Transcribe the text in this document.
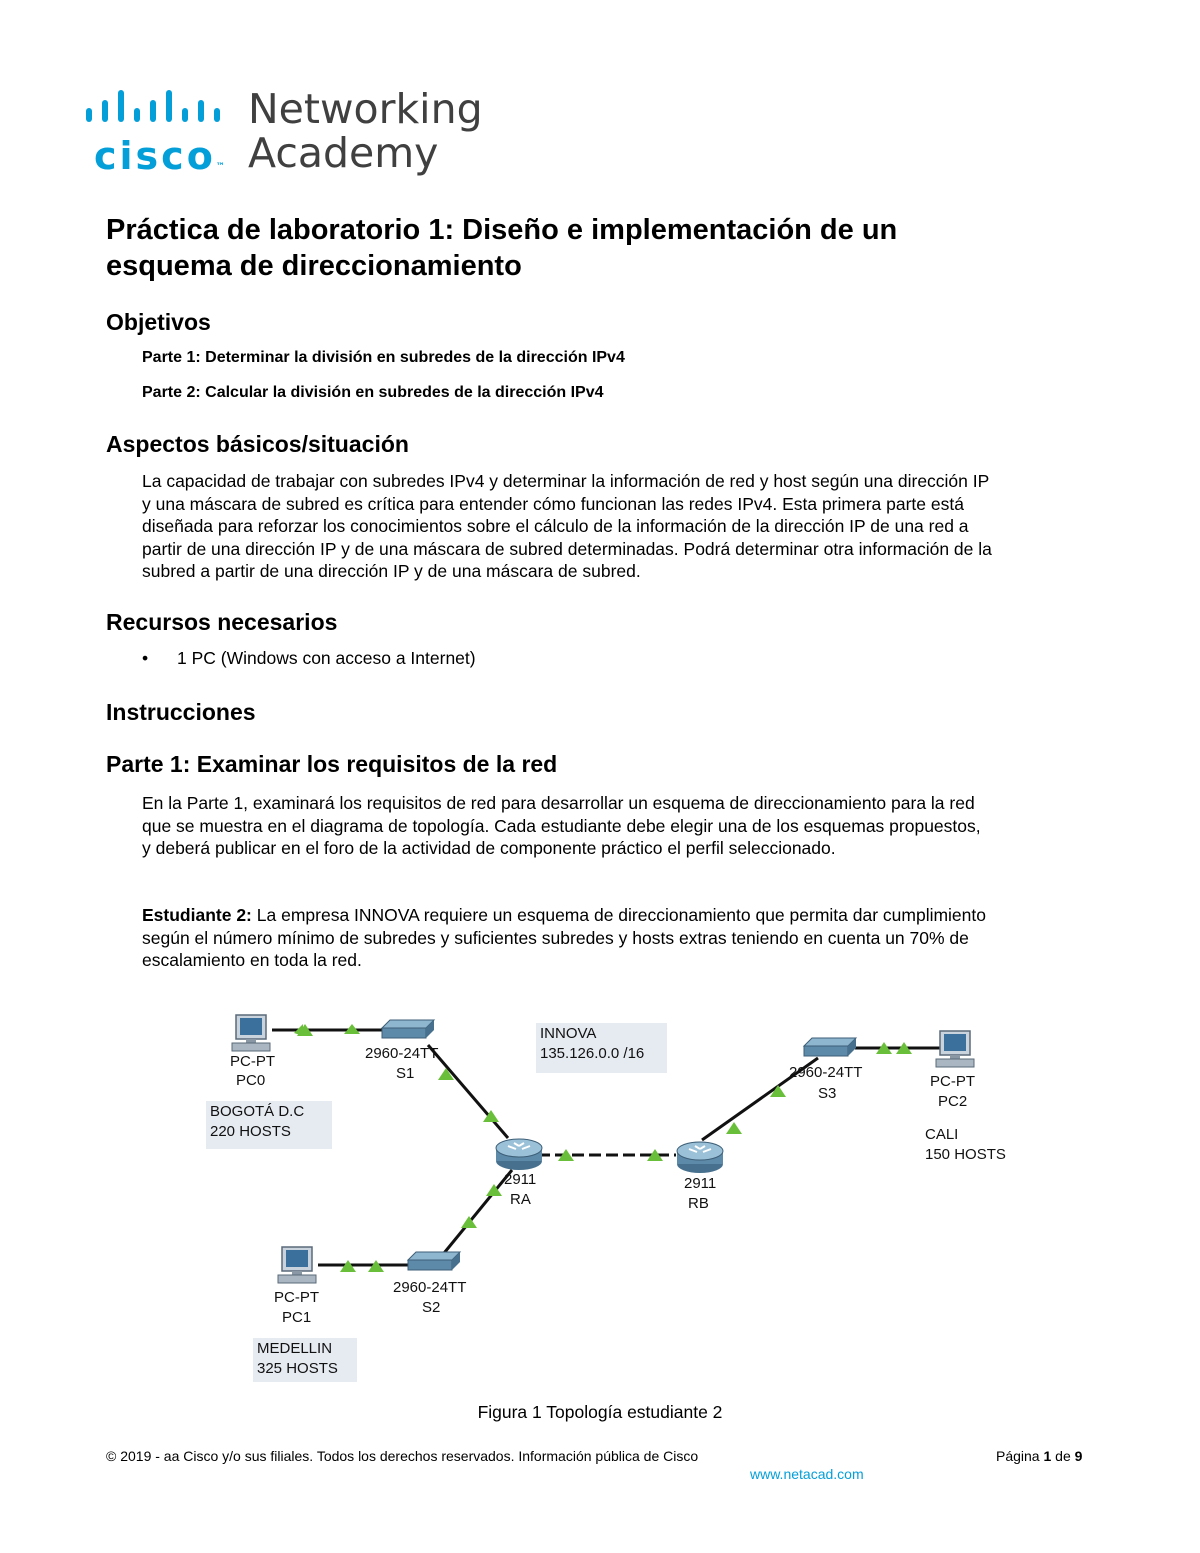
cisco™
Networking
Academy
Práctica de laboratorio 1: Diseño e implementación de un
esquema de direccionamiento
Objetivos
Parte 1: Determinar la división en subredes de la dirección IPv4
Parte 2: Calcular la división en subredes de la dirección IPv4
Aspectos básicos/situación
La capacidad de trabajar con subredes IPv4 y determinar la información de red y host según una dirección IP
y una máscara de subred es crítica para entender cómo funcionan las redes IPv4. Esta primera parte está
diseñada para reforzar los conocimientos sobre el cálculo de la información de la dirección IP de una red a
partir de una dirección IP y de una máscara de subred determinadas. Podrá determinar otra información de la
subred a partir de una dirección IP y de una máscara de subred.
Recursos necesarios
• 1 PC (Windows con acceso a Internet)
Instrucciones
Parte 1: Examinar los requisitos de la red
En la Parte 1, examinará los requisitos de red para desarrollar un esquema de direccionamiento para la red
que se muestra en el diagrama de topología. Cada estudiante debe elegir una de los esquemas propuestos,
y deberá publicar en el foro de la actividad de componente práctico el perfil seleccionado.
Estudiante 2: La empresa INNOVA requiere un esquema de direccionamiento que permita dar cumplimiento
según el número mínimo de subredes y suficientes subredes y hosts extras teniendo en cuenta un 70% de
escalamiento en toda la red.
PC-PT
PC0
2960-24TT
S1
INNOVA
135.126.0.0 /16
BOGOTÁ D.C
220 HOSTS
2911
RA
2911
RB
2960-24TT
S3
PC-PT
PC2
CALI
150 HOSTS
PC-PT
PC1
2960-24TT
S2
MEDELLIN
325 HOSTS
Figura 1 Topología estudiante 2
© 2019 - aa Cisco y/o sus filiales. Todos los derechos reservados. Información pública de Cisco	Página 1 de 9
www.netacad.com
